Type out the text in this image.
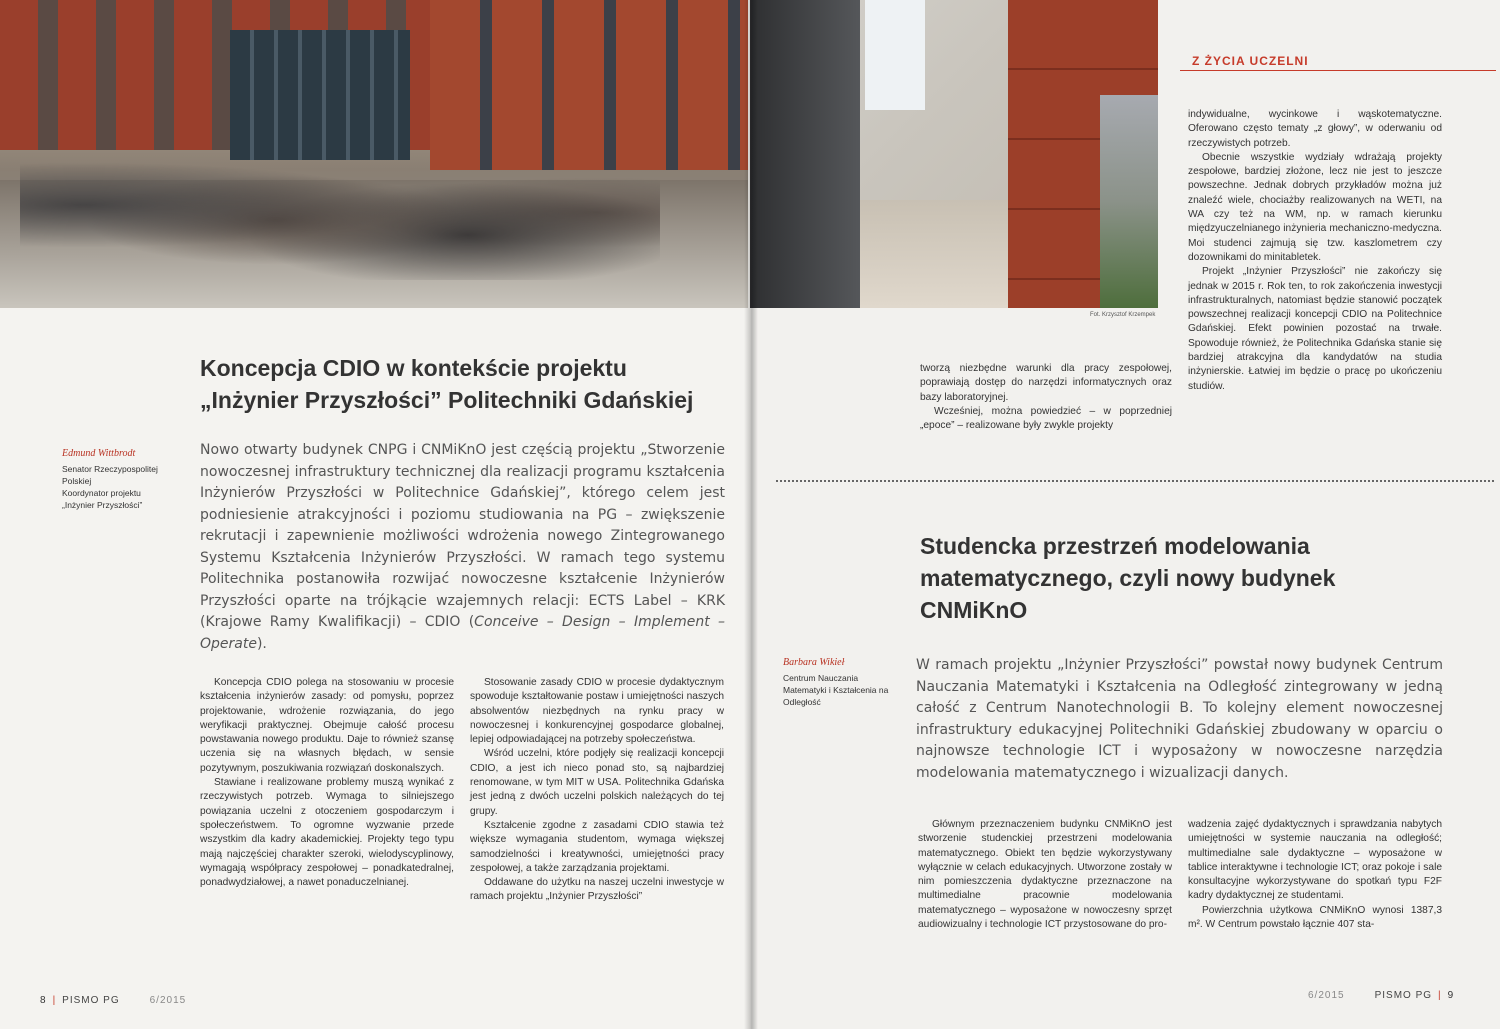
Koncepcja CDIO w kontekście projektu
„Inżynier Przyszłości” Politechniki Gdańskiej
Edmund Wittbrodt
Senator Rzeczypospolitej Polskiej
Koordynator projektu „Inżynier Przyszłości”
Nowo otwarty budynek CNPG i CNMiKnO jest częścią projektu „Stworzenie nowoczesnej infrastruktury technicznej dla realizacji programu kształcenia Inżynierów Przyszłości w Politechnice Gdańskiej”, którego celem jest podniesienie atrakcyjności i poziomu studiowania na PG – zwiększenie rekrutacji i zapewnienie możliwości wdrożenia nowego Zintegrowanego Systemu Kształcenia Inżynierów Przyszłości. W ramach tego systemu Politechnika postanowiła rozwijać nowoczesne kształcenie Inżynierów Przyszłości oparte na trójkącie wzajemnych relacji: ECTS Label – KRK (Krajowe Ramy Kwalifikacji) – CDIO (Conceive – Design – Implement – Operate).

Koncepcja CDIO polega na stosowaniu w procesie kształcenia inżynierów zasady: od pomysłu, poprzez projektowanie, wdrożenie rozwiązania, do jego weryfikacji praktycznej. Obejmuje całość procesu powstawania nowego produktu. Daje to również szansę uczenia się na własnych błędach, w sensie pozytywnym, poszukiwania rozwiązań doskonalszych.

Stawiane i realizowane problemy muszą wynikać z rzeczywistych potrzeb. Wymaga to silniejszego powiązania uczelni z otoczeniem gospodarczym i społeczeństwem. To ogromne wyzwanie przede wszystkim dla kadry akademickiej. Projekty tego typu mają najczęściej charakter szeroki, wielodyscyplinowy, wymagają współpracy zespołowej – ponadkatedralnej, ponadwydziałowej, a nawet ponaduczelnianej.

Stosowanie zasady CDIO w procesie dydaktycznym spowoduje kształtowanie postaw i umiejętności naszych absolwentów niezbędnych na rynku pracy w nowoczesnej i konkurencyjnej gospodarce globalnej, lepiej odpowiadającej na potrzeby społeczeństwa.

Wśród uczelni, które podjęły się realizacji koncepcji CDIO, a jest ich nieco ponad sto, są najbardziej renomowane, w tym MIT w USA. Politechnika Gdańska jest jedną z dwóch uczelni polskich należących do tej grupy.

Kształcenie zgodne z zasadami CDIO stawia też większe wymagania studentom, wymaga większej samodzielności i kreatywności, umiejętności pracy zespołowej, a także zarządzania projektami.

Oddawane do użytku na naszej uczelni inwestycje w ramach projektu „Inżynier Przyszłości”

8 | PISMO PG	6/2015
Fot. Krzysztof Krzempek
Z ŻYCIA UCZELNI

tworzą niezbędne warunki dla pracy zespołowej, poprawiają dostęp do narzędzi informatycznych oraz bazy laboratoryjnej.

Wcześniej, można powiedzieć – w poprzedniej „epoce” – realizowane były zwykle projekty

indywidualne, wycinkowe i wąskotematyczne. Oferowano często tematy „z głowy”, w oderwaniu od rzeczywistych potrzeb.

Obecnie wszystkie wydziały wdrażają projekty zespołowe, bardziej złożone, lecz nie jest to jeszcze powszechne. Jednak dobrych przykładów można już znaleźć wiele, chociażby realizowanych na WETI, na WA czy też na WM, np. w ramach kierunku międzyuczelnianego inżynieria mechaniczno-medyczna. Moi studenci zajmują się tzw. kaszlometrem czy dozownikami do minitabletek.

Projekt „Inżynier Przyszłości” nie zakończy się jednak w 2015 r. Rok ten, to rok zakończenia inwestycji infrastrukturalnych, natomiast będzie stanowić początek powszechnej realizacji koncepcji CDIO na Politechnice Gdańskiej. Efekt powinien pozostać na trwałe. Spowoduje również, że Politechnika Gdańska stanie się bardziej atrakcyjna dla kandydatów na studia inżynierskie. Łatwiej im będzie o pracę po ukończeniu studiów.

Studencka przestrzeń modelowania
matematycznego, czyli nowy budynek
CNMiKnO
Barbara Wikieł
Centrum Nauczania Matematyki i Kształcenia na Odległość
W ramach projektu „Inżynier Przyszłości” powstał nowy budynek Centrum Nauczania Matematyki i Kształcenia na Odległość zintegrowany w jedną całość z Centrum Nanotechnologii B. To kolejny element nowoczesnej infrastruktury edukacyjnej Politechniki Gdańskiej zbudowany w oparciu o najnowsze technologie ICT i wyposażony w nowoczesne narzędzia modelowania matematycznego i wizualizacji danych.

Głównym przeznaczeniem budynku CNMiKnO jest stworzenie studenckiej przestrzeni modelowania matematycznego. Obiekt ten będzie wykorzystywany wyłącznie w celach edukacyjnych. Utworzone zostały w nim pomieszczenia dydaktyczne przeznaczone na multimedialne pracownie modelowania matematycznego – wyposażone w nowoczesny sprzęt audiowizualny i technologie ICT przystosowane do pro-

wadzenia zajęć dydaktycznych i sprawdzania nabytych umiejętności w systemie nauczania na odległość; multimedialne sale dydaktyczne – wyposażone w tablice interaktywne i technologie ICT; oraz pokoje i sale konsultacyjne wykorzystywane do spotkań typu F2F kadry dydaktycznej ze studentami.

Powierzchnia użytkowa CNMiKnO wynosi 1387,3 m². W Centrum powstało łącznie 407 sta-

6/2015	PISMO PG | 9
